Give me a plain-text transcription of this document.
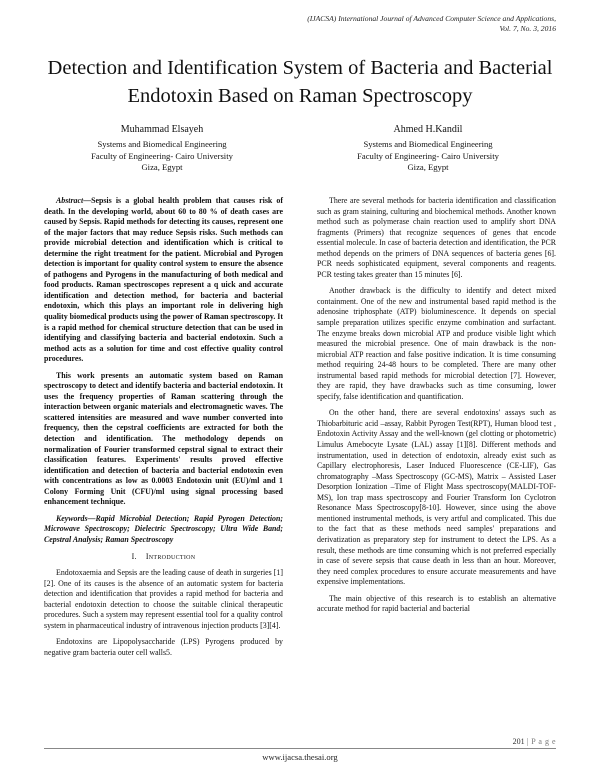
(IJACSA) International Journal of Advanced Computer Science and Applications,
Vol. 7, No. 3, 2016
Detection and Identification System of Bacteria and Bacterial Endotoxin Based on Raman Spectroscopy
Muhammad Elsayeh
Systems and Biomedical Engineering
Faculty of Engineering- Cairo University
Giza, Egypt
Ahmed H.Kandil
Systems and Biomedical Engineering
Faculty of Engineering- Cairo University
Giza, Egypt

Abstract—Sepsis is a global health problem that causes risk of death. In the developing world, about 60 to 80 % of death cases are caused by Sepsis. Rapid methods for detecting its causes, represent one of the major factors that may reduce Sepsis risks. Such methods can provide microbial detection and identification which is critical to determine the right treatment for the patient. Microbial and Pyrogen detection is important for quality control system to ensure the absence of pathogens and Pyrogens in the manufacturing of both medical and food products. Raman spectroscopes represent a q uick and accurate identification and detection method, for bacteria and bacterial endotoxin, which this plays an important role in delivering high quality biomedical products using the power of Raman spectroscopy. It is a rapid method for chemical structure detection that can be used in identifying and classifying bacteria and bacterial endotoxin. Such a method acts as a solution for time and cost effective quality control procedures.

This work presents an automatic system based on Raman spectroscopy to detect and identify bacteria and bacterial endotoxin. It uses the frequency properties of Raman scattering through the interaction between organic materials and electromagnetic waves. The scattered intensities are measured and wave number converted into frequency, then the cepstral coefficients are extracted for both the detection and identification. The methodology depends on normalization of Fourier transformed cepstral signal to extract their classification features. Experiments' results proved effective identification and detection of bacteria and bacterial endotoxin even with concentrations as low as 0.0003 Endotoxin unit (EU)/ml and 1 Colony Forming Unit (CFU)/ml using signal processing based enhancement technique.

Keywords—Rapid Microbial Detection; Rapid Pyrogen Detection; Microwave Spectroscopy; Dielectric Spectroscopy; Ultra Wide Band; Cepstral Analysis; Raman Spectroscopy

I. Introduction

Endotoxaemia and Sepsis are the leading cause of death in surgeries [1][2]. One of its causes is the absence of an automatic system for bacteria detection and identification that provides a rapid method for bacteria and bacterial endotoxin detection to choose the suitable clinical therapeutic procedures. Such a system may represent essential tool for a quality control system in pharmaceutical industry of intravenous injection products [3][4].

Endotoxins are Lipopolysaccharide (LPS) Pyrogens produced by negative gram bacteria outer cell walls5.

There are several methods for bacteria identification and classification such as gram staining, culturing and biochemical methods. Another known method such as polymerase chain reaction used to amplify short DNA fragments (Primers) that recognize sequences of genes that encode essential molecule. In case of bacteria detection and identification, the PCR method depends on the primers of DNA sequences of bacteria genes [6]. PCR needs sophisticated equipment, several components and reagents. PCR testing takes greater than 15 minutes [6].

Another drawback is the difficulty to identify and detect mixed containment. One of the new and instrumental based rapid method is the adenosine triphosphate (ATP) bioluminescence. It depends on special sample preparation utilizes specific enzyme combination and surfactant. The enzyme breaks down microbial ATP and produce visible light which measured the microbial presence. One of main drawback is the non-microbial ATP reaction and false positive indication. It is time consuming method requiring 24-48 hours to be completed. There are many other instrumental based rapid methods for microbial detection [7]. However, they are rapid, they have drawbacks such as time consuming, lower specify, false identification and quantification.

On the other hand, there are several endotoxins' assays such as Thiobarbituric acid –assay, Rabbit Pyrogen Test(RPT), Human blood test , Endotoxin Activity Assay and the well-known (gel clotting or photometric) Limulus Amebocyte Lysate (LAL) assay [1][8]. Different methods and instrumentation, used in detection of endotoxin, already exist such as Capillary electrophoresis, Laser Induced Fluorescence (CE-LIF), Gas chromatography –Mass Spectroscopy (GC-MS), Matrix – Assisted Laser Desorption Ionization –Time of Flight Mass spectroscopy(MALDI-TOF-MS), Ion trap mass spectroscopy and Fourier Transform Ion Cyclotron Resonance Mass Spectroscopy[8-10]. However, since using the above mentioned instrumental methods, is very artful and complicated. This due to the fact that as these methods need samples' preparations and derivatization as preparatory step for instrument to detect the LPS. As a result, these methods are time consuming which is not preferred especially in case of severe sepsis that cause death in less than an hour. Moreover, they need complex procedures to ensure accurate measurements and have expensive implementations.

The main objective of this research is to establish an alternative accurate method for rapid bacterial and bacterial

201 | P a g e
www.ijacsa.thesai.org
